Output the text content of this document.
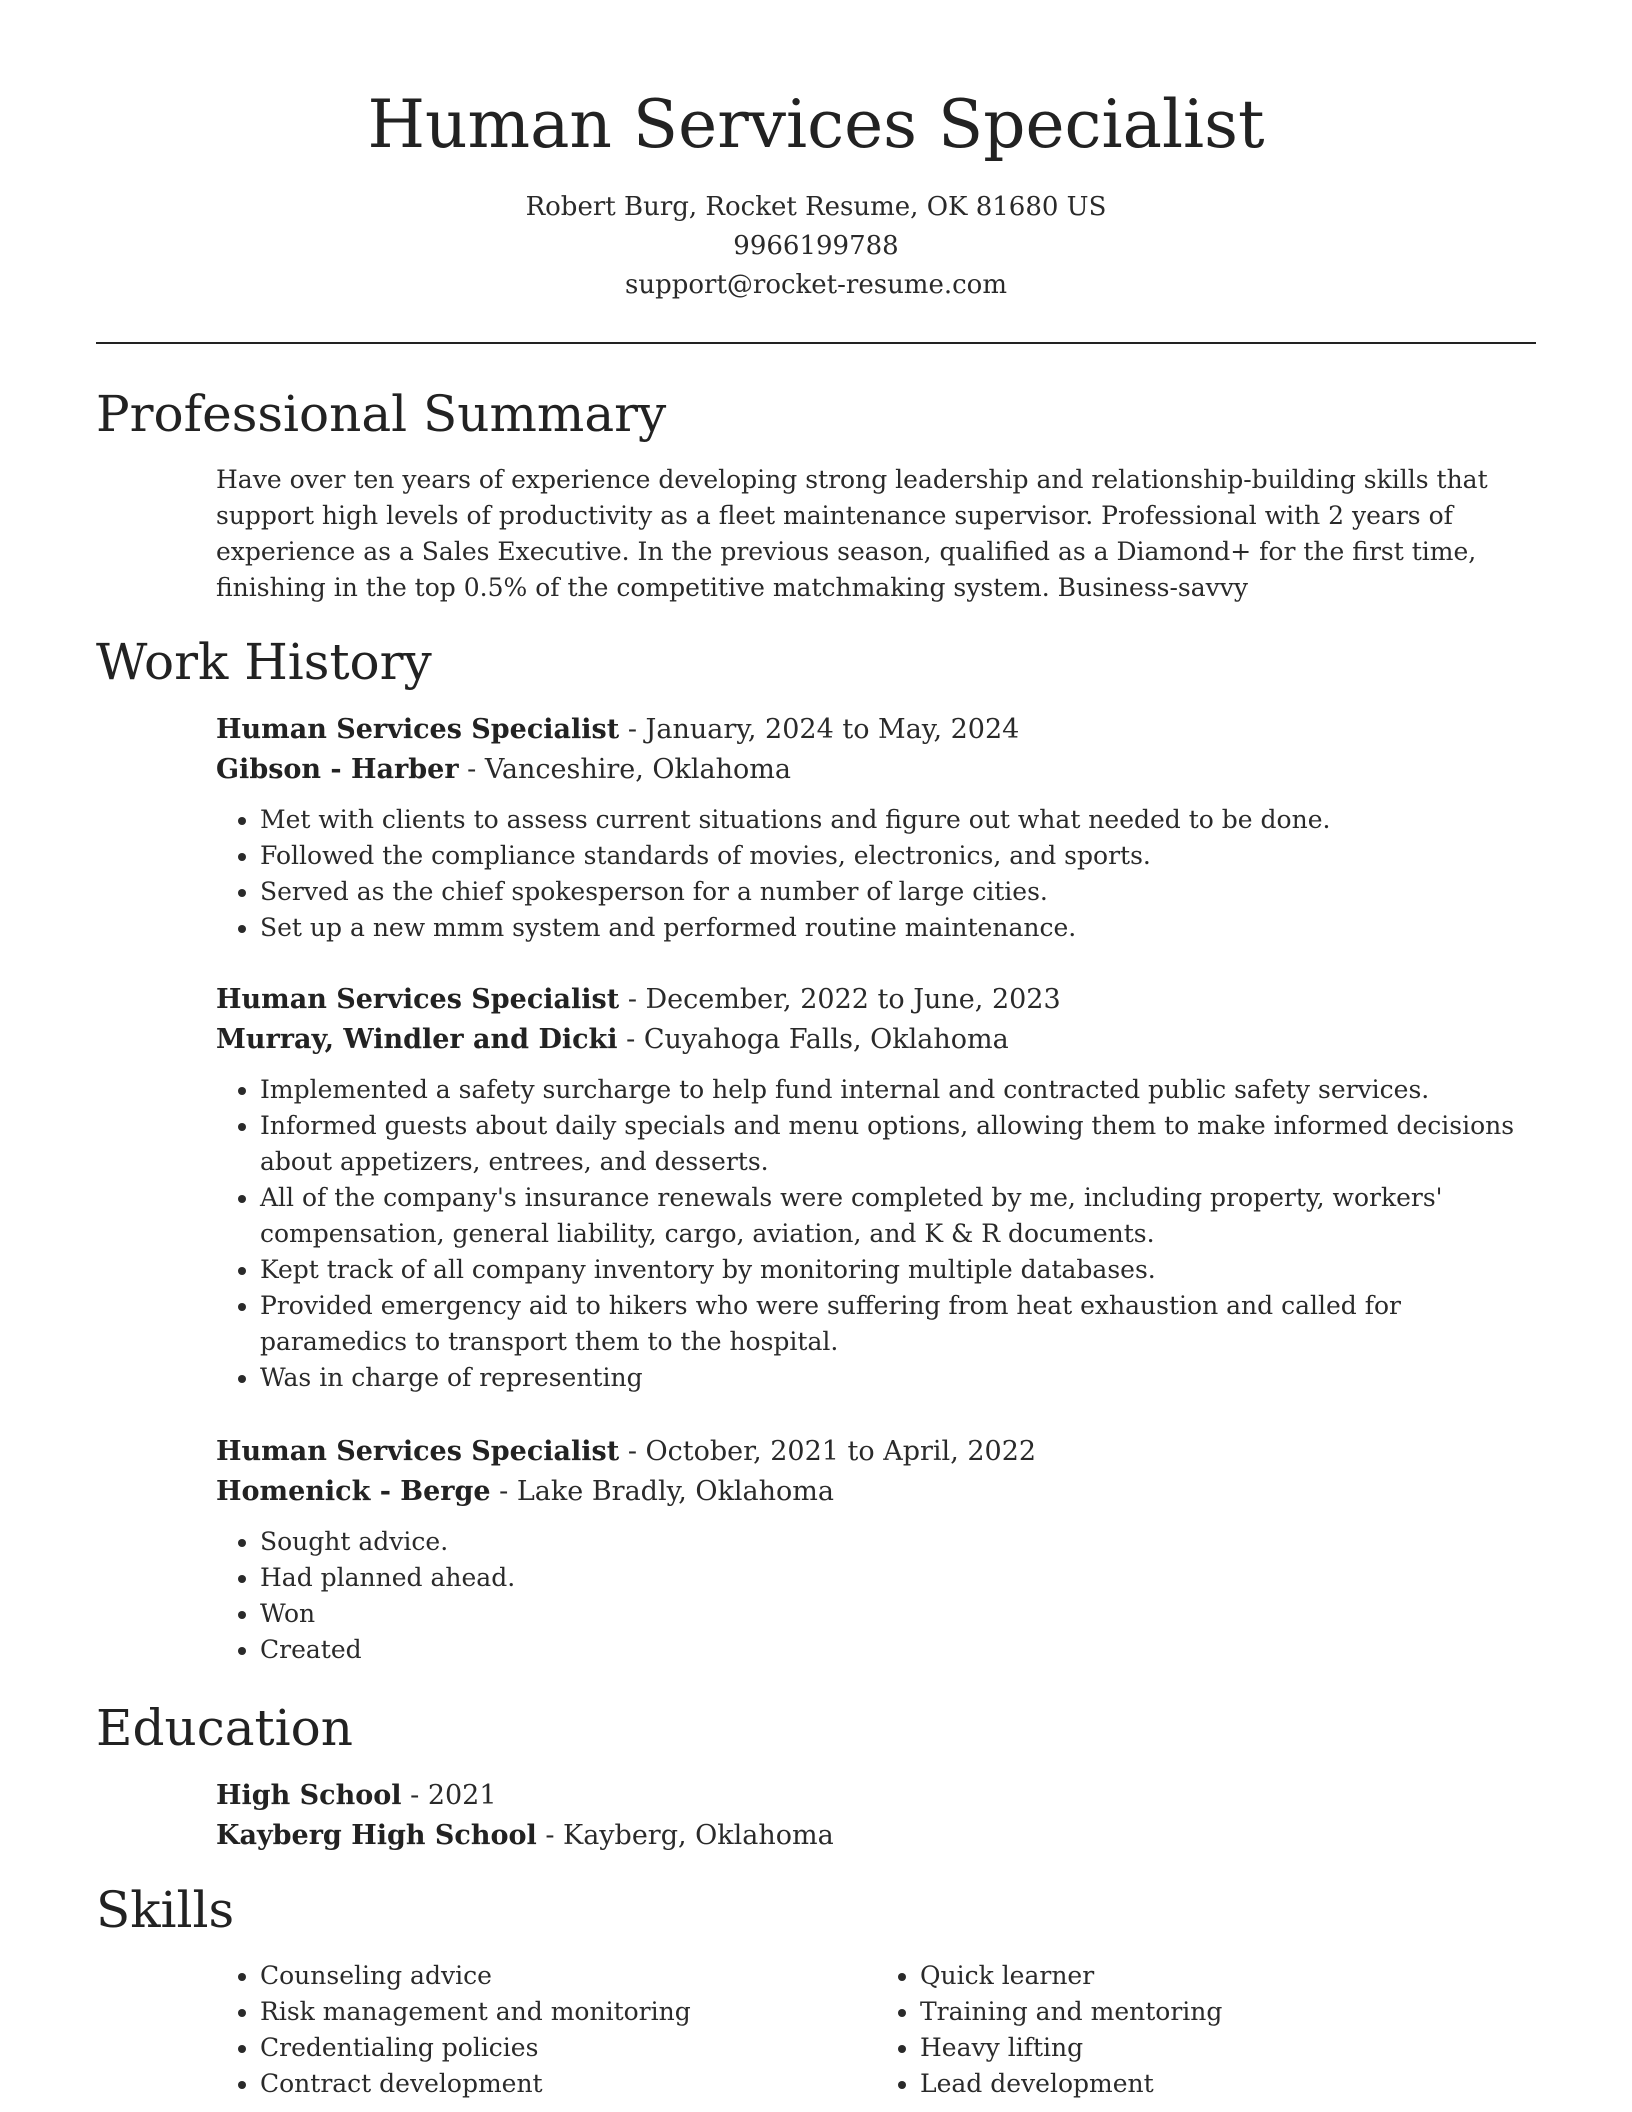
Human Services Specialist
Robert Burg, Rocket Resume, OK 81680 US
9966199788
support@rocket-resume.com
Professional Summary
Have over ten years of experience developing strong leadership and relationship-building skills that support high levels of productivity as a fleet maintenance supervisor. Professional with 2 years of experience as a Sales Executive. In the previous season, qualified as a Diamond+ for the first time, finishing in the top 0.5% of the competitive matchmaking system. Business-savvy
Work History
Human Services Specialist - January, 2024 to May, 2024
Gibson - Harber - Vanceshire, Oklahoma
• Met with clients to assess current situations and figure out what needed to be done.
• Followed the compliance standards of movies, electronics, and sports.
• Served as the chief spokesperson for a number of large cities.
• Set up a new mmm system and performed routine maintenance.
Human Services Specialist - December, 2022 to June, 2023
Murray, Windler and Dicki - Cuyahoga Falls, Oklahoma
• Implemented a safety surcharge to help fund internal and contracted public safety services.
• Informed guests about daily specials and menu options, allowing them to make informed decisions about appetizers, entrees, and desserts.
• All of the company's insurance renewals were completed by me, including property, workers' compensation, general liability, cargo, aviation, and K & R documents.
• Kept track of all company inventory by monitoring multiple databases.
• Provided emergency aid to hikers who were suffering from heat exhaustion and called for paramedics to transport them to the hospital.
• Was in charge of representing
Human Services Specialist - October, 2021 to April, 2022
Homenick - Berge - Lake Bradly, Oklahoma
• Sought advice.
• Had planned ahead.
• Won
• Created
Education
High School - 2021
Kayberg High School - Kayberg, Oklahoma
Skills
• Counseling advice
• Risk management and monitoring
• Credentialing policies
• Contract development
• Quick learner
• Training and mentoring
• Heavy lifting
• Lead development
